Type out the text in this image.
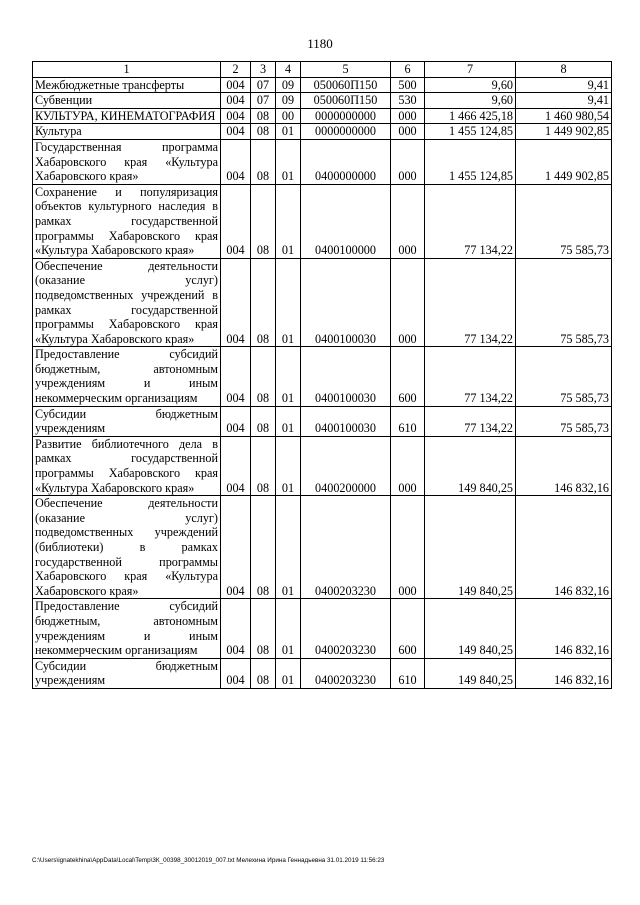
1180
1	2	3	4	5	6	7	8
Межбюджетные трансферты	004	07	09	050060П150	500	9,60	9,41
Субвенции	004	07	09	050060П150	530	9,60	9,41
КУЛЬТУРА, КИНЕМАТОГРАФИЯ	004	08	00	0000000000	000	1 466 425,18	1 460 980,54
Культура	004	08	01	0000000000	000	1 455 124,85	1 449 902,85
Государственная программа Хабаровского края «Культура Хабаровского края»	004	08	01	0400000000	000	1 455 124,85	1 449 902,85
Сохранение и популяризация объектов культурного наследия в рамках государственной программы Хабаровского края «Культура Хабаровского края»	004	08	01	0400100000	000	77 134,22	75 585,73
Обеспечение деятельности (оказание услуг) подведомственных учреждений в рамках государственной программы Хабаровского края «Культура Хабаровского края»	004	08	01	0400100030	000	77 134,22	75 585,73
Предоставление субсидий бюджетным, автономным учреждениям и иным некоммерческим организациям	004	08	01	0400100030	600	77 134,22	75 585,73
Субсидии бюджетным учреждениям	004	08	01	0400100030	610	77 134,22	75 585,73
Развитие библиотечного дела в рамках государственной программы Хабаровского края «Культура Хабаровского края»	004	08	01	0400200000	000	149 840,25	146 832,16
Обеспечение деятельности (оказание услуг) подведомственных учреждений (библиотеки) в рамках государственной программы Хабаровского края «Культура Хабаровского края»	004	08	01	0400203230	000	149 840,25	146 832,16
Предоставление субсидий бюджетным, автономным учреждениям и иным некоммерческим организациям	004	08	01	0400203230	600	149 840,25	146 832,16
Субсидии бюджетным учреждениям	004	08	01	0400203230	610	149 840,25	146 832,16
C:\Users\ignatekhina\AppData\Local\Temp\3К_00398_30012019_007.txt Мелехина Ирина Геннадьевна 31.01.2019 11:56:23
